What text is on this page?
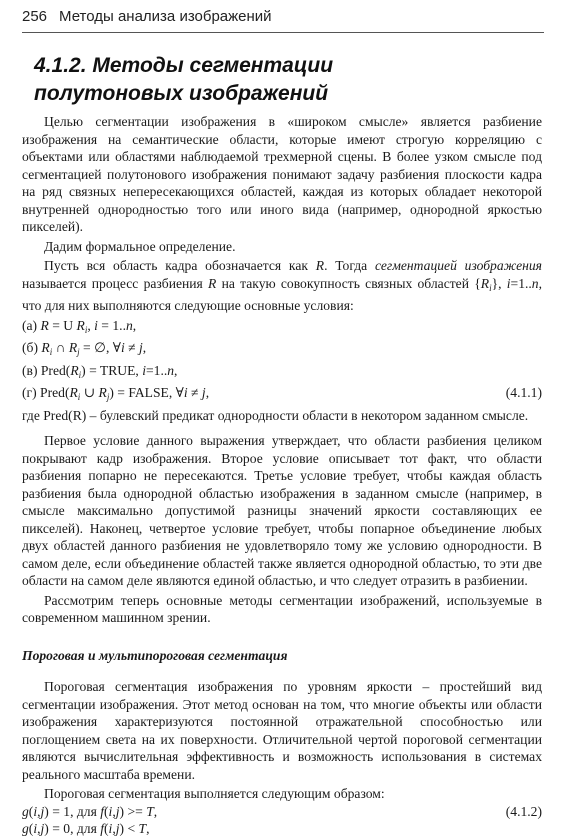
256 Методы анализа изображений
4.1.2. Методы сегментации
полутоновых изображений

Целью сегментации изображения в «широком смысле» является разбиение изображения на семантические области, которые имеют строгую корреляцию с объектами или областями наблюдаемой трехмерной сцены. В более узком смысле под сегментацией полутонового изображения понимают задачу разбиения плоскости кадра на ряд связных непересекающихся областей, каждая из которых обладает некоторой внутренней однородностью того или иного вида (например, однородной яркостью пикселей).

Дадим формальное определение.

Пусть вся область кадра обозначается как R. Тогда сегментацией изображения называется процесс разбиения R на такую совокупность связных областей $\{R_i\}$, i=1..n, что для них выполняются следующие основные условия:

(а) R = U $R_i$, i = 1..n,
(б) $R_i$ ∩ $R_j$ = ∅, ∀i ≠ j,
(в) $Pred(R_i)$ = TRUE, i=1..n,
(г) $Pred(R_i$ ∪ $R_j$) = FALSE, ∀i ≠ j,	(4.1.1)

где Pred(R) – булевский предикат однородности области в некотором заданном смысле.

Первое условие данного выражения утверждает, что области разбиения целиком покрывают кадр изображения. Второе условие описывает тот факт, что области разбиения попарно не пересекаются. Третье условие требует, чтобы каждая область разбиения была однородной областью изображения в заданном смысле (например, в смысле максимально допустимой разницы значений яркости составляющих ее пикселей). Наконец, четвертое условие требует, чтобы попарное объединение любых двух областей данного разбиения не удовлетворяло тому же условию однородности. В самом деле, если объединение областей также является однородной областью, то эти две области на самом деле являются единой областью, и что следует отразить в разбиении.

Рассмотрим теперь основные методы сегментации изображений, используемые в современном машинном зрении.

Пороговая и мультипороговая сегментация

Пороговая сегментация изображения по уровням яркости – простейший вид сегментации изображения. Этот метод основан на том, что многие объекты или области изображения характеризуются постоянной отражательной способностью или поглощением света на их поверхности. Отличительной чертой пороговой сегментации являются вычислительная эффективность и возможность использования в системах реального масштаба времени.

Пороговая сегментация выполняется следующим образом:

g(i,j) = 1, для f(i,j) >= T,	(4.1.2)
g(i,j) = 0, для f(i,j) < T,
